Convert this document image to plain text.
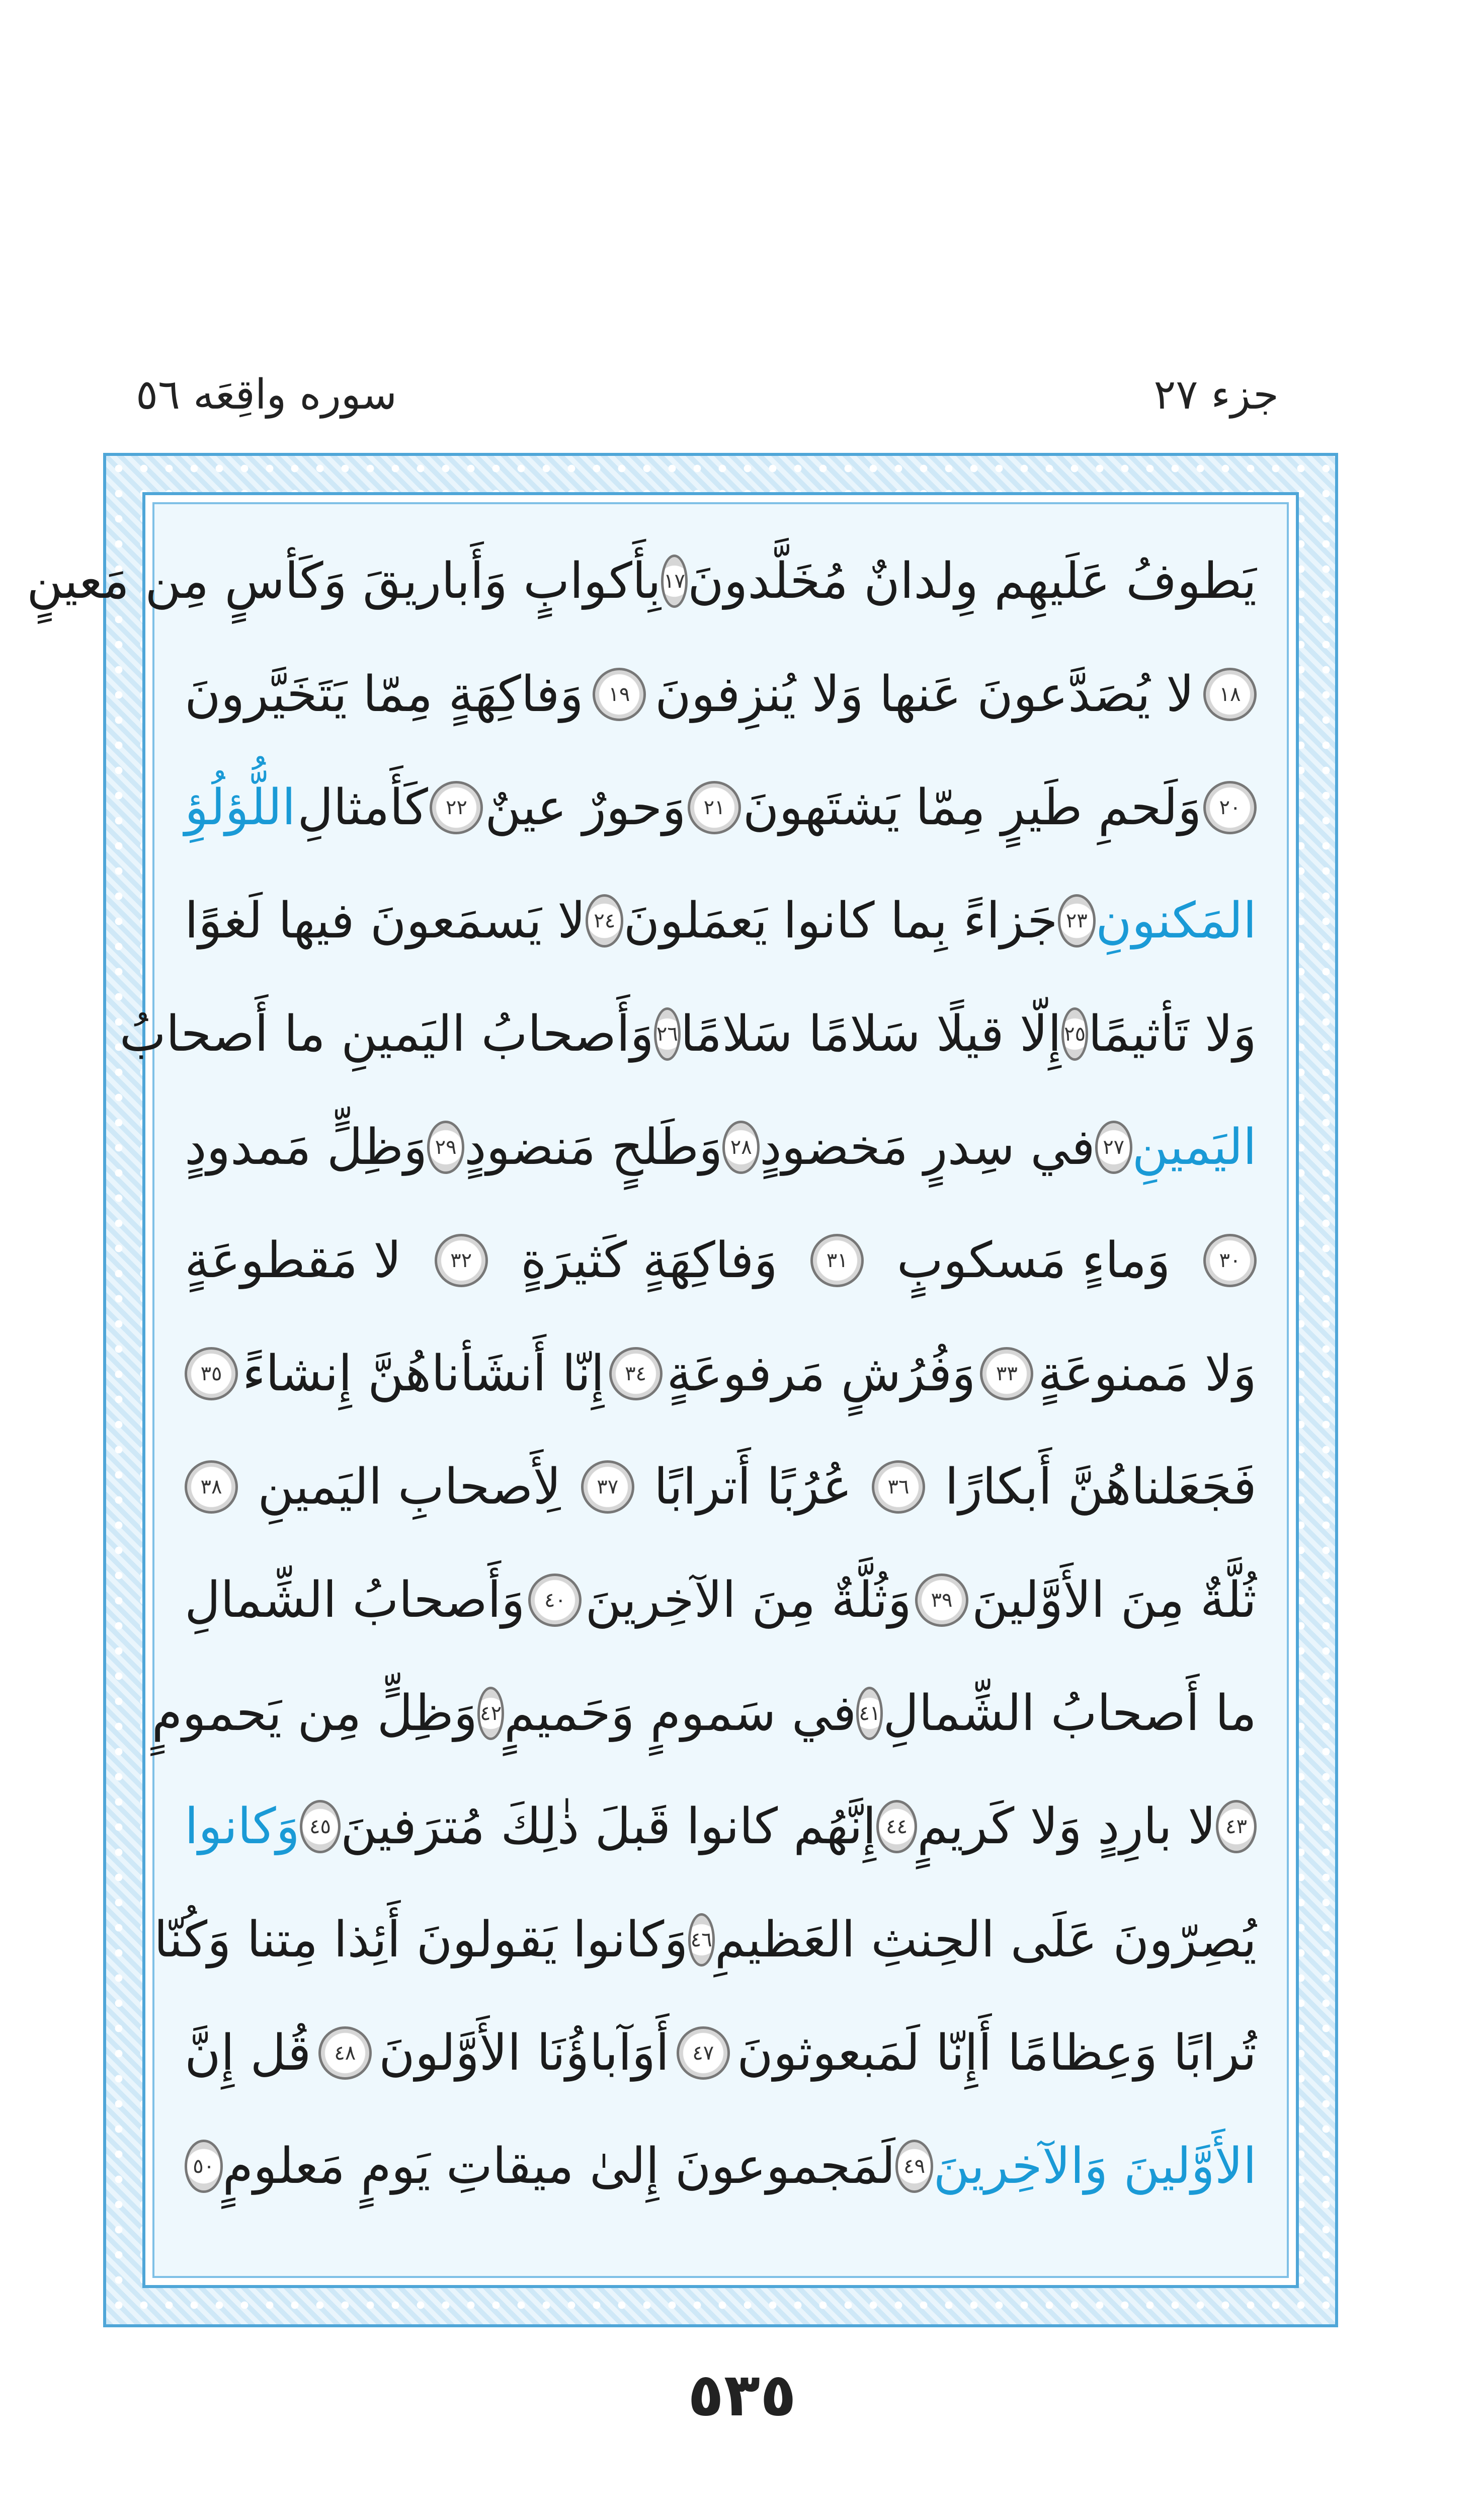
سوره واقِعَه ٥٦	جزء ٢٧
يَطوفُ عَلَيهِم وِلدانٌ مُخَلَّدونَ
١٧
بِأَكوابٍ وَأَباريقَ وَكَأسٍ مِن مَعينٍ
١٨
لا يُصَدَّعونَ عَنها وَلا يُنزِفونَ
١٩
وَفاكِهَةٍ مِمّا يَتَخَيَّرونَ
٢٠
وَلَحمِ طَيرٍ مِمّا يَشتَهونَ
٢١
وَحورٌ عينٌ
٢٢
كَأَمثالِ
اللُّؤلُؤِ
المَكنونِ
٢٣
جَزاءً بِما كانوا يَعمَلونَ
٢٤
لا يَسمَعونَ فيها لَغوًا
وَلا تَأثيمًا
٢٥
إِلّا قيلًا سَلامًا سَلامًا
٢٦
وَأَصحابُ اليَمينِ ما أَصحابُ
اليَمينِ
٢٧
في سِدرٍ مَخضودٍ
٢٨
وَطَلحٍ مَنضودٍ
٢٩
وَظِلٍّ مَمدودٍ
٣٠
وَماءٍ مَسكوبٍ
٣١
وَفاكِهَةٍ كَثيرَةٍ
٣٢
لا مَقطوعَةٍ
وَلا مَمنوعَةٍ
٣٣
وَفُرُشٍ مَرفوعَةٍ
٣٤
إِنّا أَنشَأناهُنَّ إِنشاءً
٣٥
فَجَعَلناهُنَّ أَبكارًا
٣٦
عُرُبًا أَترابًا
٣٧
لِأَصحابِ اليَمينِ
٣٨
ثُلَّةٌ مِنَ الأَوَّلينَ
٣٩
وَثُلَّةٌ مِنَ الآخِرينَ
٤٠
وَأَصحابُ الشِّمالِ
ما أَصحابُ الشِّمالِ
٤١
في سَمومٍ وَحَميمٍ
٤٢
وَظِلٍّ مِن يَحمومٍ
٤٣
لا بارِدٍ وَلا كَريمٍ
٤٤
إِنَّهُم كانوا قَبلَ ذٰلِكَ مُترَفينَ
٤٥
وَكانوا
يُصِرّونَ عَلَى الحِنثِ العَظيمِ
٤٦
وَكانوا يَقولونَ أَئِذا مِتنا وَكُنّا
تُرابًا وَعِظامًا أَإِنّا لَمَبعوثونَ
٤٧
أَوَآباؤُنَا الأَوَّلونَ
٤٨
قُل إِنَّ
الأَوَّلينَ وَالآخِرينَ
٤٩
لَمَجموعونَ إِلىٰ ميقاتِ يَومٍ مَعلومٍ
٥٠
٥٣٥
